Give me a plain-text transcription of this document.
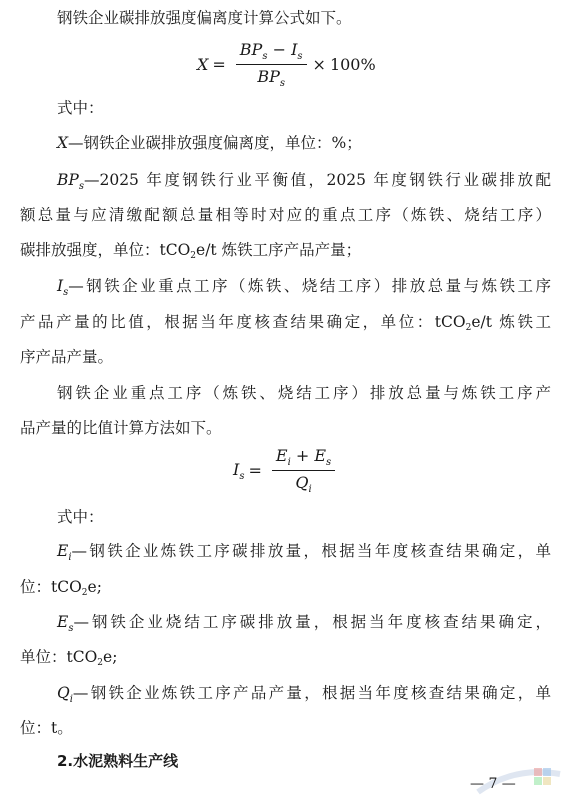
钢铁企业碳排放强度偏离度计算公式如下。
$X = \frac{BP_s - I_s}{BP_s} \times 100\%$
式中：
X—钢铁企业碳排放强度偏离度，单位：%；
$BP_s—2025$ 年度钢铁行业平衡值，2025 年度钢铁行业碳排放配
额总量与应清缴配额总量相等时对应的重点工序（炼铁、烧结工序）
碳排放强度，单位：tCO2e/t 炼铁工序产品产量；
$I_s—$钢铁企业重点工序（炼铁、烧结工序）排放总量与炼铁工序
产品产量的比值，根据当年度核查结果确定，单位：tCO2e/t 炼铁工
序产品产量。
钢铁企业重点工序（炼铁、烧结工序）排放总量与炼铁工序产
品产量的比值计算方法如下。
$I_s = \frac{E_i + E_s}{Q_i}$
式中：
$E_i—$钢铁企业炼铁工序碳排放量，根据当年度核查结果确定，单
位：tCO2e;
$E_s—$钢铁企业烧结工序碳排放量，根据当年度核查结果确定，
单位：tCO2e;
$Q_i—$钢铁企业炼铁工序产品产量，根据当年度核查结果确定，单
位：t。
2.水泥熟料生产线
— 7 —
